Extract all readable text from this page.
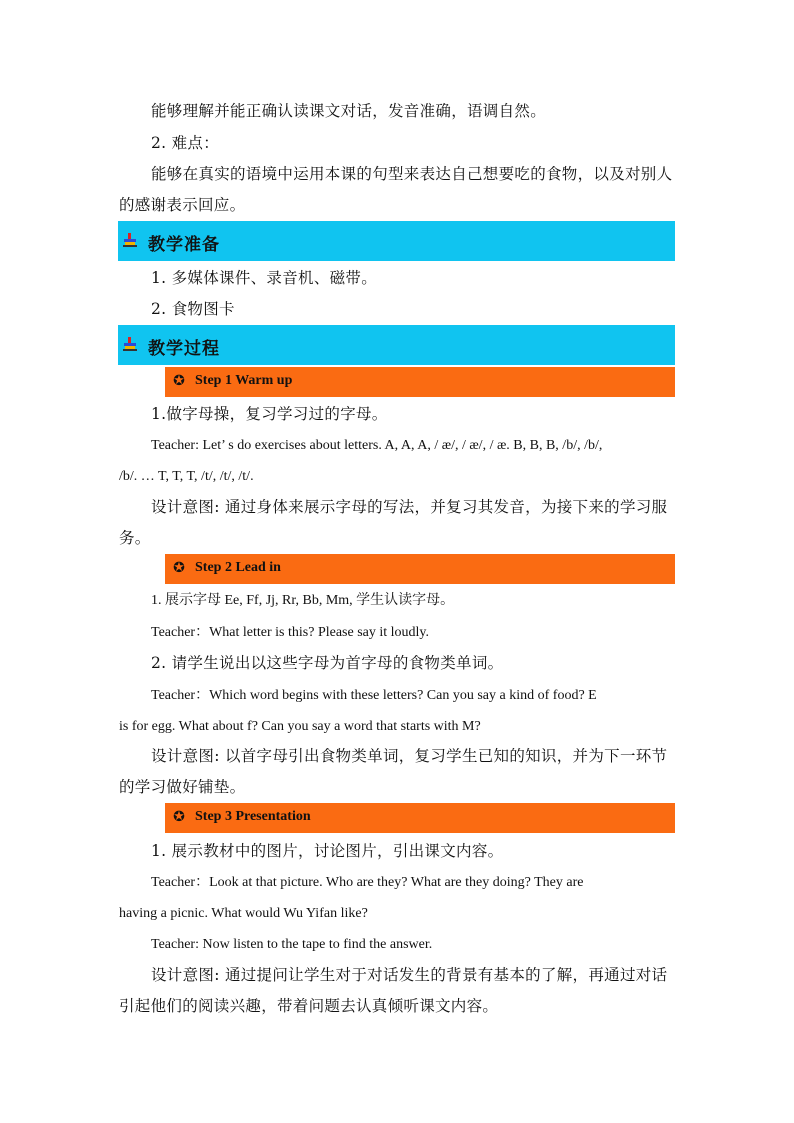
能够理解并能正确认读课文对话，发音准确，语调自然。
2. 难点：
能够在真实的语境中运用本课的句型来表达自己想要吃的食物，以及对别人
的感谢表示回应。
教学准备
1. 多媒体课件、录音机、磁带。
2. 食物图卡
教学过程
✪ Step 1 Warm up
1.做字母操，复习学习过的字母。
Teacher: Let’ s do exercises about letters. A, A, A, / æ/, / æ/, / æ. B, B, B, /b/, /b/,
/b/. … T, T, T, /t/, /t/, /t/.
设计意图: 通过身体来展示字母的写法，并复习其发音，为接下来的学习服
务。
✪ Step 2 Lead in
1. 展示字母 Ee, Ff, Jj, Rr, Bb, Mm, 学生认读字母。
Teacher：What letter is this? Please say it loudly.
2. 请学生说出以这些字母为首字母的食物类单词。
Teacher：Which word begins with these letters? Can you say a kind of food? E
is for egg. What about f? Can you say a word that starts with M?
设计意图: 以首字母引出食物类单词，复习学生已知的知识，并为下一环节
的学习做好铺垫。
✪ Step 3 Presentation
1. 展示教材中的图片，讨论图片，引出课文内容。
Teacher：Look at that picture. Who are they? What are they doing? They are
having a picnic. What would Wu Yifan like?
Teacher: Now listen to the tape to find the answer.
设计意图: 通过提问让学生对于对话发生的背景有基本的了解，再通过对话
引起他们的阅读兴趣，带着问题去认真倾听课文内容。
